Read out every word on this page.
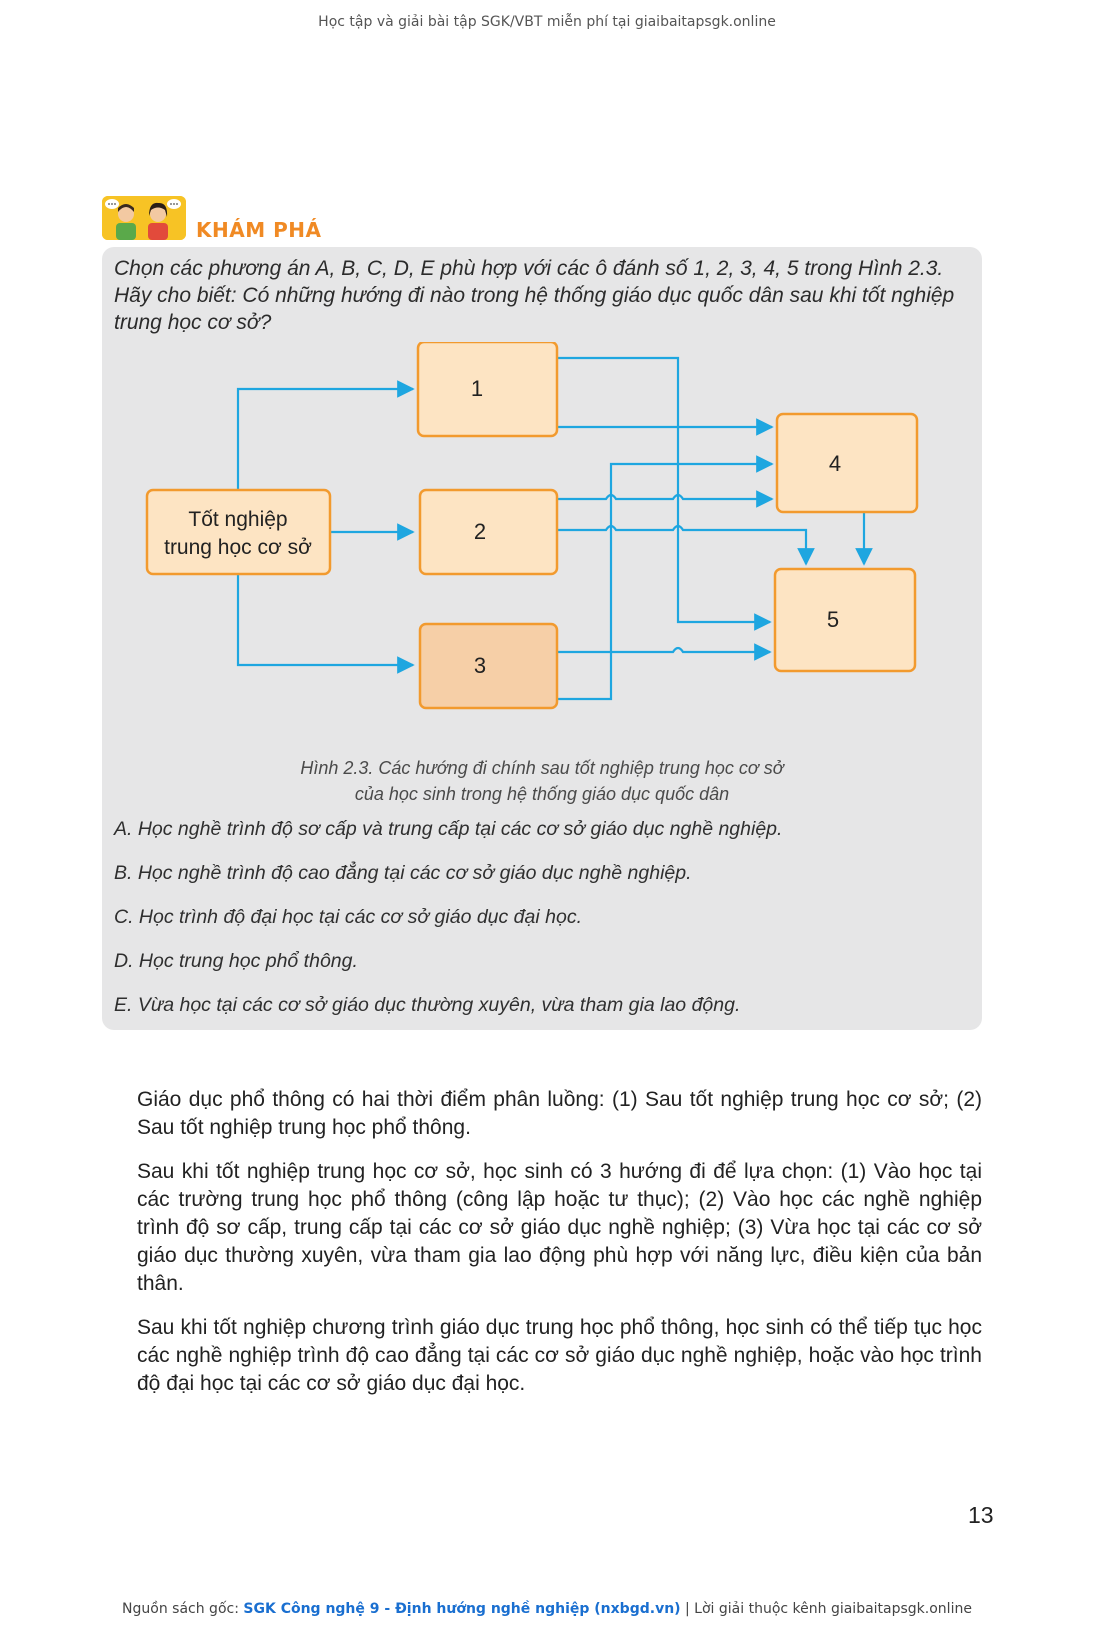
Học tập và giải bài tập SGK/VBT miễn phí tại giaibaitapsgk.online
KHÁM PHÁ
Chọn các phương án A, B, C, D, E phù hợp với các ô đánh số 1, 2, 3, 4, 5 trong Hình 2.3. Hãy cho biết: Có những hướng đi nào trong hệ thống giáo dục quốc dân sau khi tốt nghiệp trung học cơ sở?
Tốt nghiệp
trung học cơ sở
1
2
3
4
5
Hình 2.3. Các hướng đi chính sau tốt nghiệp trung học cơ sở
của học sinh trong hệ thống giáo dục quốc dân
A. Học nghề trình độ sơ cấp và trung cấp tại các cơ sở giáo dục nghề nghiệp.
B. Học nghề trình độ cao đẳng tại các cơ sở giáo dục nghề nghiệp.
C. Học trình độ đại học tại các cơ sở giáo dục đại học.
D. Học trung học phổ thông.
E. Vừa học tại các cơ sở giáo dục thường xuyên, vừa tham gia lao động.

Giáo dục phổ thông có hai thời điểm phân luồng: (1) Sau tốt nghiệp trung học cơ sở; (2) Sau tốt nghiệp trung học phổ thông.

Sau khi tốt nghiệp trung học cơ sở, học sinh có 3 hướng đi để lựa chọn: (1) Vào học tại các trường trung học phổ thông (công lập hoặc tư thục); (2) Vào học các nghề nghiệp trình độ sơ cấp, trung cấp tại các cơ sở giáo dục nghề nghiệp; (3) Vừa học tại các cơ sở giáo dục thường xuyên, vừa tham gia lao động phù hợp với năng lực, điều kiện của bản thân.

Sau khi tốt nghiệp chương trình giáo dục trung học phổ thông, học sinh có thể tiếp tục học các nghề nghiệp trình độ cao đẳng tại các cơ sở giáo dục nghề nghiệp, hoặc vào học trình độ đại học tại các cơ sở giáo dục đại học.

13
Nguồn sách gốc: SGK Công nghệ 9 - Định hướng nghề nghiệp (nxbgd.vn) | Lời giải thuộc kênh giaibaitapsgk.online
